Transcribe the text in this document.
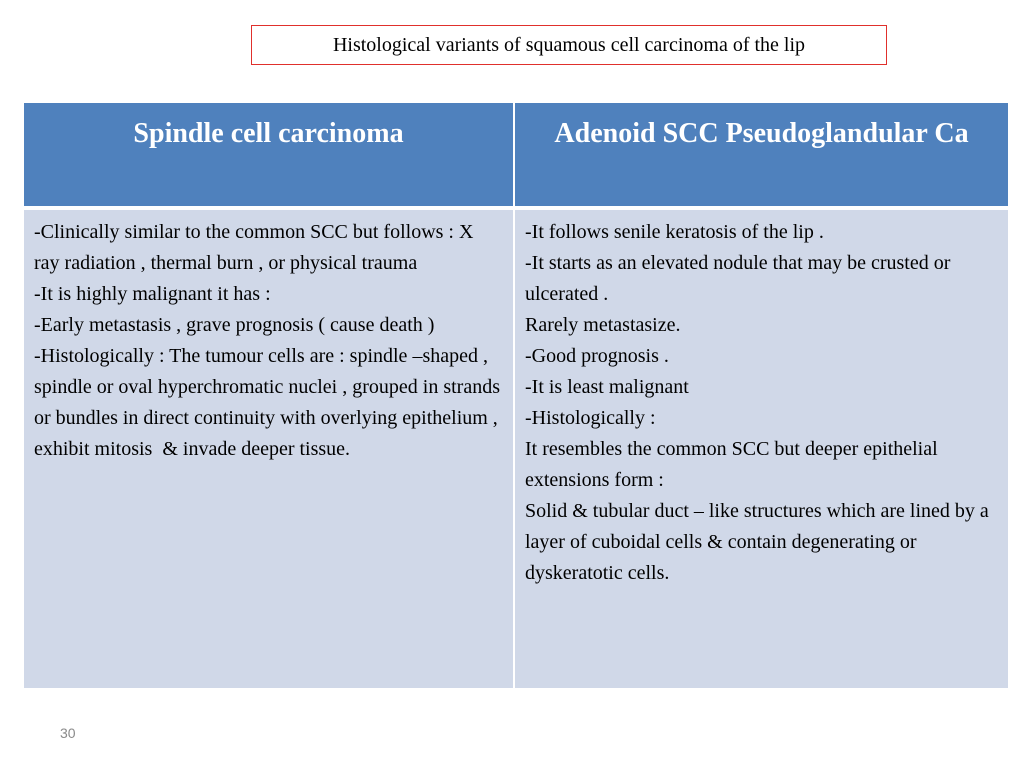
Histological variants of squamous cell carcinoma of the lip
Spindle cell carcinoma	Adenoid SCC Pseudoglandular Ca
-Clinically similar to the common SCC but follows : X ray radiation , thermal burn , or physical trauma
-It is highly malignant it has :
-Early metastasis , grave prognosis ( cause death )
-Histologically : The tumour cells are : spindle –shaped , spindle or oval hyperchromatic nuclei , grouped in strands or bundles in direct continuity with overlying epithelium , exhibit mitosis  & invade deeper tissue.
-It follows senile keratosis of the lip .
-It starts as an elevated nodule that may be crusted or ulcerated .
Rarely metastasize.
-Good prognosis .
-It is least malignant
-Histologically :
It resembles the common SCC but deeper epithelial extensions form :
Solid & tubular duct – like structures which are lined by a layer of cuboidal cells & contain degenerating or dyskeratotic cells.
30
